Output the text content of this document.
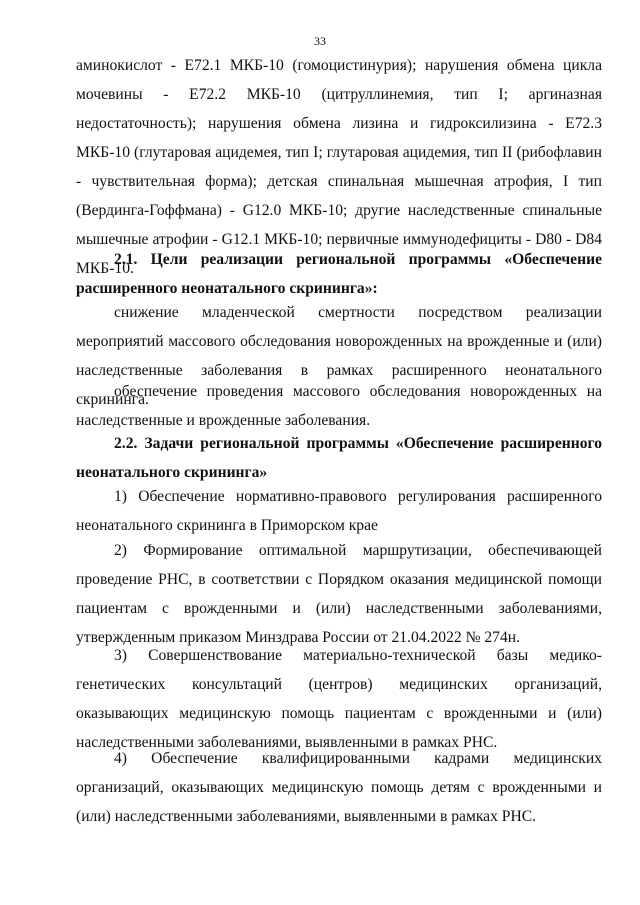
33

аминокислот - Е72.1 МКБ-10 (гомоцистинурия); нарушения обмена цикла мочевины - Е72.2 МКБ-10 (цитруллинемия, тип I; аргиназная недостаточность); нарушения обмена лизина и гидроксилизина - Е72.3 МКБ-10 (глутаровая ацидемея, тип I; глутаровая ацидемия, тип II (рибофлавин - чувствительная форма); детская спинальная мышечная атрофия, I тип (Вердинга-Гоффмана) - G12.0 МКБ-10; другие наследственные спинальные мышечные атрофии - G12.1 МКБ-10; первичные иммунодефициты - D80 - D84 МКБ-10.

2.1. Цели реализации региональной программы «Обеспечение расширенного неонатального скрининга»:

снижение младенческой смертности посредством реализации мероприятий массового обследования новорожденных на врожденные и (или) наследственные заболевания в рамках расширенного неонатального скрининга.

обеспечение проведения массового обследования новорожденных на наследственные и врожденные заболевания.

2.2. Задачи региональной программы «Обеспечение расширенного неонатального скрининга»

1) Обеспечение нормативно-правового регулирования расширенного неонатального скрининга в Приморском крае

2) Формирование оптимальной маршрутизации, обеспечивающей проведение РНС, в соответствии с Порядком оказания медицинской помощи пациентам с врожденными и (или) наследственными заболеваниями, утвержденным приказом Минздрава России от 21.04.2022 № 274н.

3) Совершенствование материально-технической базы медико-генетических консультаций (центров) медицинских организаций, оказывающих медицинскую помощь пациентам с врожденными и (или) наследственными заболеваниями, выявленными в рамках РНС.

4) Обеспечение квалифицированными кадрами медицинских организаций, оказывающих медицинскую помощь детям с врожденными и (или) наследственными заболеваниями, выявленными в рамках РНС.
